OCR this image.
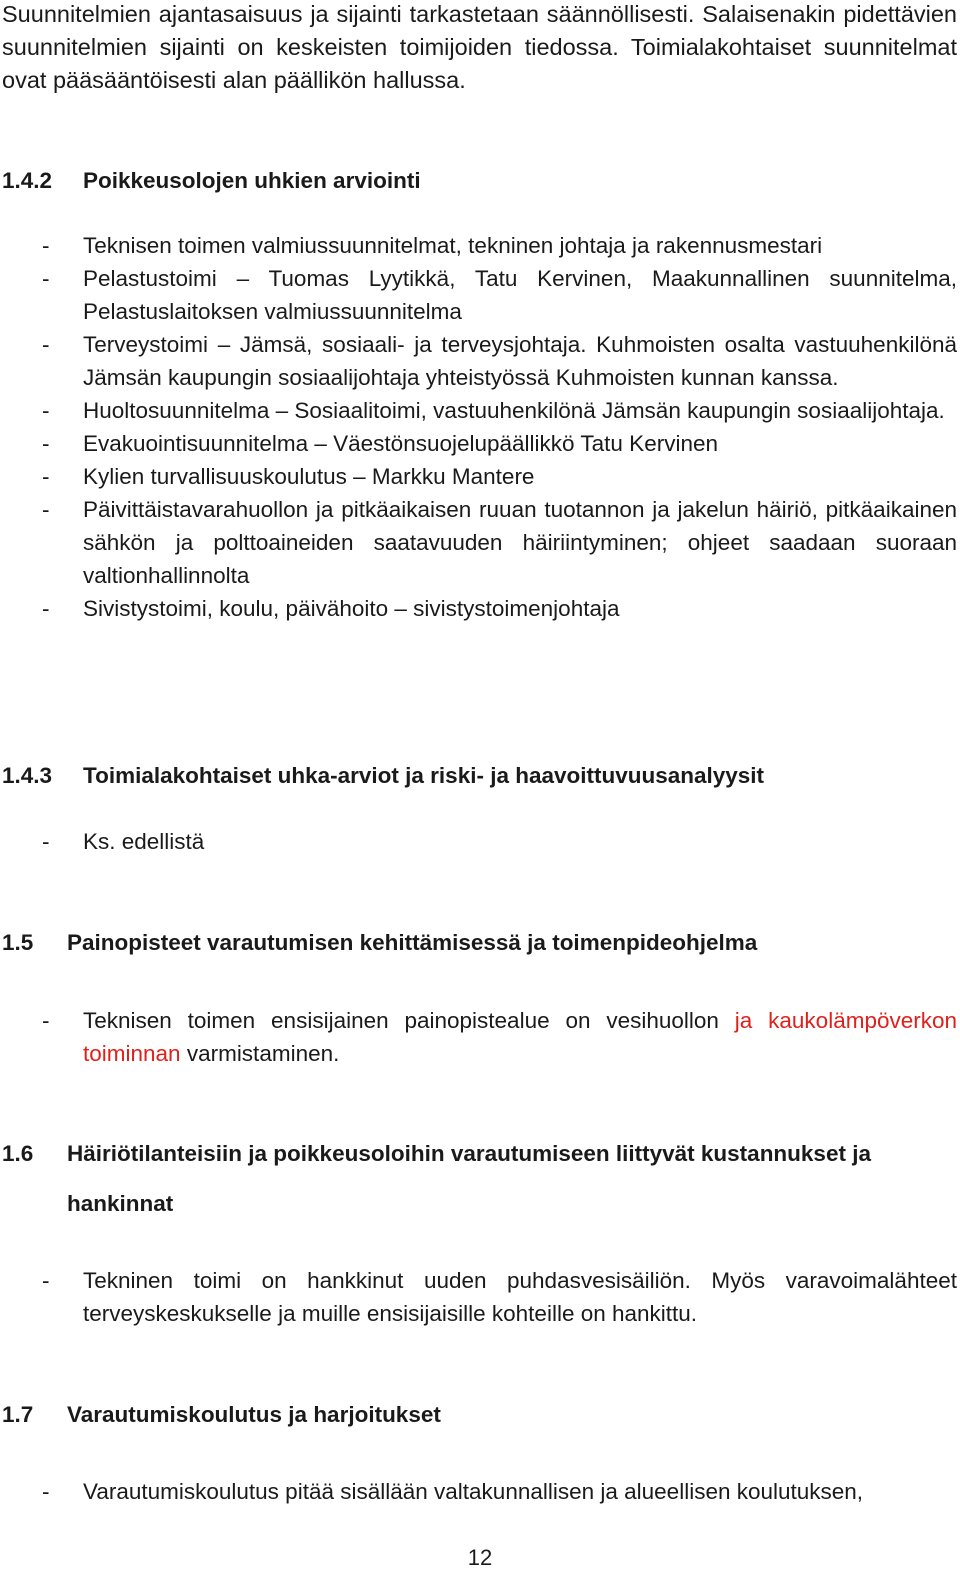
Suunnitelmien ajantasaisuus ja sijainti tarkastetaan säännöllisesti. Salaisenakin pidettävien suunnitelmien sijainti on keskeisten toimijoiden tiedossa. Toimialakohtaiset suunnitelmat ovat pääsääntöisesti alan päällikön hallussa.

1.4.2 Poikkeusolojen uhkien arviointi
- Teknisen toimen valmiussuunnitelmat, tekninen johtaja ja rakennusmestari
- Pelastustoimi – Tuomas Lyytikkä, Tatu Kervinen, Maakunnallinen suunnitelma, Pelastuslaitoksen valmiussuunnitelma
- Terveystoimi – Jämsä, sosiaali- ja terveysjohtaja. Kuhmoisten osalta vastuuhenkilönä Jämsän kaupungin sosiaalijohtaja yhteistyössä Kuhmoisten kunnan kanssa.
- Huoltosuunnitelma – Sosiaalitoimi, vastuuhenkilönä Jämsän kaupungin sosiaalijohtaja.
- Evakuointisuunnitelma – Väestönsuojelupäällikkö Tatu Kervinen
- Kylien turvallisuuskoulutus – Markku Mantere
- Päivittäistavarahuollon ja pitkäaikaisen ruuan tuotannon ja jakelun häiriö, pitkäaikainen sähkön ja polttoaineiden saatavuuden häiriintyminen; ohjeet saadaan suoraan valtionhallinnolta
- Sivistystoimi, koulu, päivähoito – sivistystoimenjohtaja
1.4.3 Toimialakohtaiset uhka-arviot ja riski- ja haavoittuvuusanalyysit
- Ks. edellistä
1.5 Painopisteet varautumisen kehittämisessä ja toimenpideohjelma
- Teknisen toimen ensisijainen painopistealue on vesihuollon ja kaukolämpöverkon toiminnan varmistaminen.
1.6 Häiriötilanteisiin ja poikkeusoloihin varautumiseen liittyvät kustannukset ja

hankinnat

- Tekninen toimi on hankkinut uuden puhdasvesisäiliön. Myös varavoimalähteet terveyskeskukselle ja muille ensisijaisille kohteille on hankittu.
1.7 Varautumiskoulutus ja harjoitukset
- Varautumiskoulutus pitää sisällään valtakunnallisen ja alueellisen koulutuksen,
12
